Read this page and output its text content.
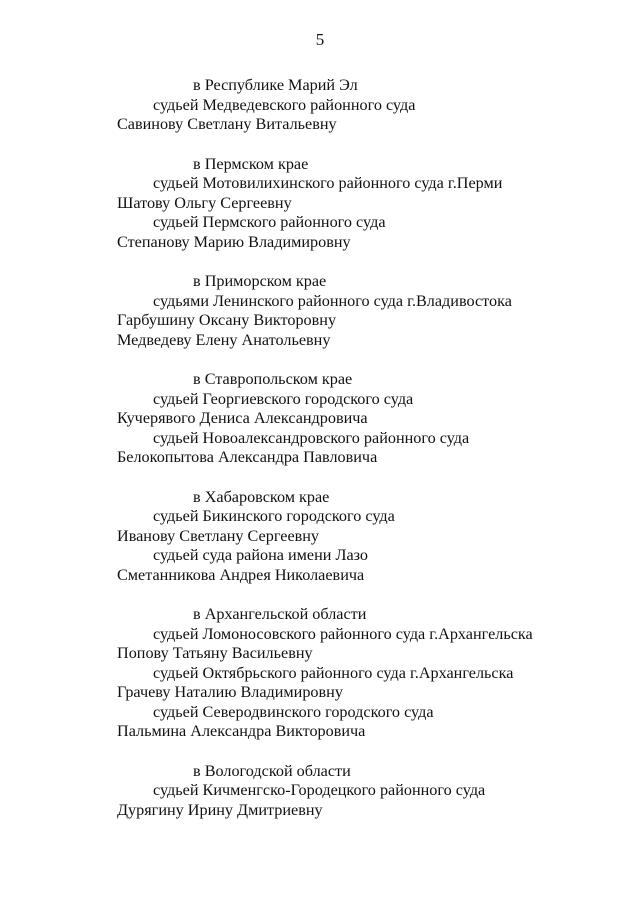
5
в Республике Марий Эл
судьей Медведевского районного суда
Савинову Светлану Витальевну
в Пермском крае
судьей Мотовилихинского районного суда г.Перми
Шатову Ольгу Сергеевну
судьей Пермского районного суда
Степанову Марию Владимировну
в Приморском крае
судьями Ленинского районного суда г.Владивостока
Гарбушину Оксану Викторовну
Медведеву Елену Анатольевну
в Ставропольском крае
судьей Георгиевского городского суда
Кучерявого Дениса Александровича
судьей Новоалександровского районного суда
Белокопытова Александра Павловича
в Хабаровском крае
судьей Бикинского городского суда
Иванову Светлану Сергеевну
судьей суда района имени Лазо
Сметанникова Андрея Николаевича
в Архангельской области
судьей Ломоносовского районного суда г.Архангельска
Попову Татьяну Васильевну
судьей Октябрьского районного суда г.Архангельска
Грачеву Наталию Владимировну
судьей Северодвинского городского суда
Пальмина Александра Викторовича
в Вологодской области
судьей Кичменгско-Городецкого районного суда
Дурягину Ирину Дмитриевну
